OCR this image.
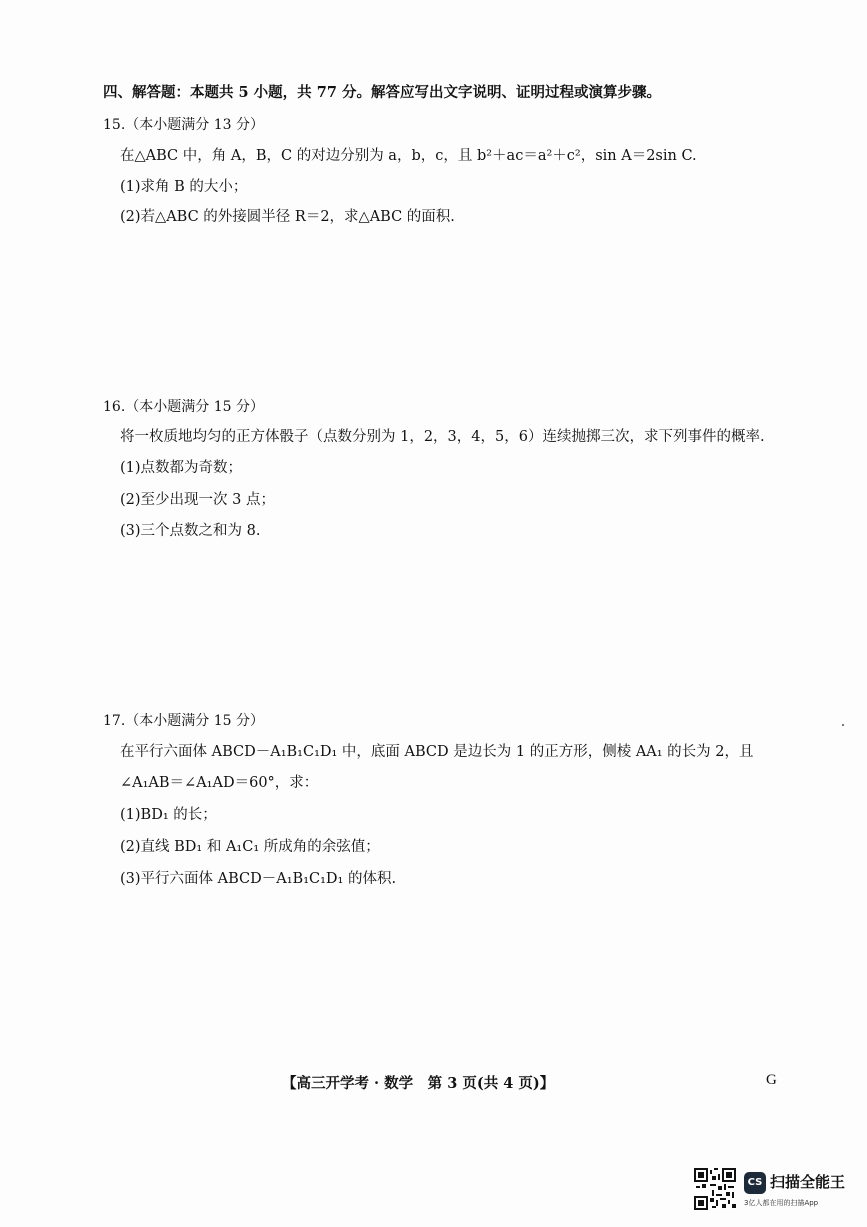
四、解答题：本题共 5 小题，共 77 分。解答应写出文字说明、证明过程或演算步骤。
15.（本小题满分 13 分）
在△ABC 中，角 A，B，C 的对边分别为 a，b，c，且 b²＋ac＝a²＋c²，sin A＝2sin C.
(1)求角 B 的大小；
(2)若△ABC 的外接圆半径 R＝2，求△ABC 的面积.
16.（本小题满分 15 分）
将一枚质地均匀的正方体骰子（点数分别为 1，2，3，4，5，6）连续抛掷三次，求下列事件的概率.
(1)点数都为奇数；
(2)至少出现一次 3 点；
(3)三个点数之和为 8.
17.（本小题满分 15 分）
在平行六面体 ABCD－A₁B₁C₁D₁ 中，底面 ABCD 是边长为 1 的正方形，侧棱 AA₁ 的长为 2，且
∠A₁AB＝∠A₁AD＝60°，求：
(1)BD₁ 的长；
(2)直线 BD₁ 和 A₁C₁ 所成角的余弦值；
(3)平行六面体 ABCD－A₁B₁C₁D₁ 的体积.
【高三开学考 · 数学　第 3 页(共 4 页)】	G
CS 扫描全能王
3亿人都在用的扫描App
